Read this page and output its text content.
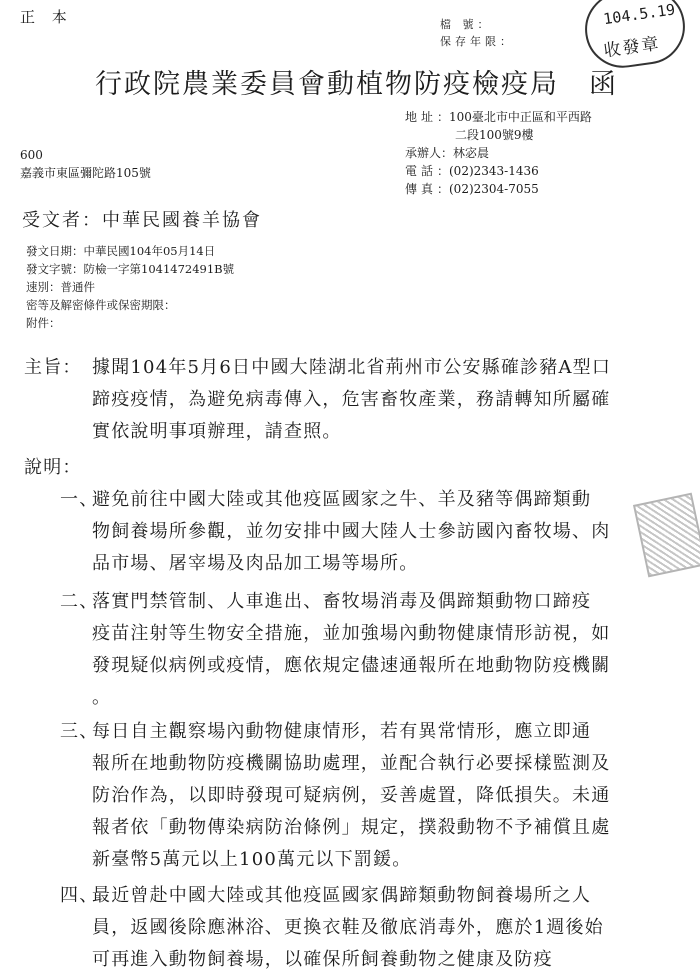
正 本	檔 號：
保存年限：
104.5.19
收發章
行政院農業委員會動植物防疫檢疫局 函
地址：100臺北市中正區和平西路
二段100號9樓
承辦人：林宓晨
電話：(02)2343-1436
傳真：(02)2304-7055
600
嘉義市東區彌陀路105號
受文者：中華民國養羊協會
發文日期：中華民國104年05月14日
發文字號：防檢一字第1041472491B號
速別：普通件
密等及解密條件或保密期限：
附件：
主旨： 據聞104年5月6日中國大陸湖北省荊州市公安縣確診豬A型口
蹄疫疫情，為避免病毒傳入，危害畜牧產業，務請轉知所屬確
實依說明事項辦理，請查照。
說明：
一、
避免前往中國大陸或其他疫區國家之牛、羊及豬等偶蹄類動
物飼養場所參觀，並勿安排中國大陸人士參訪國內畜牧場、肉
品市場、屠宰場及肉品加工場等場所。
二、
落實門禁管制、人車進出、畜牧場消毒及偶蹄類動物口蹄疫
疫苗注射等生物安全措施，並加強場內動物健康情形訪視，如
發現疑似病例或疫情，應依規定儘速通報所在地動物防疫機關
。
三、
每日自主觀察場內動物健康情形，若有異常情形，應立即通
報所在地動物防疫機關協助處理，並配合執行必要採樣監測及
防治作為，以即時發現可疑病例，妥善處置，降低損失。未通
報者依「動物傳染病防治條例」規定，撲殺動物不予補償且處
新臺幣5萬元以上100萬元以下罰鍰。
四、
最近曾赴中國大陸或其他疫區國家偶蹄類動物飼養場所之人
員，返國後除應淋浴、更換衣鞋及徹底消毒外，應於1週後始
可再進入動物飼養場，以確保所飼養動物之健康及防疫
